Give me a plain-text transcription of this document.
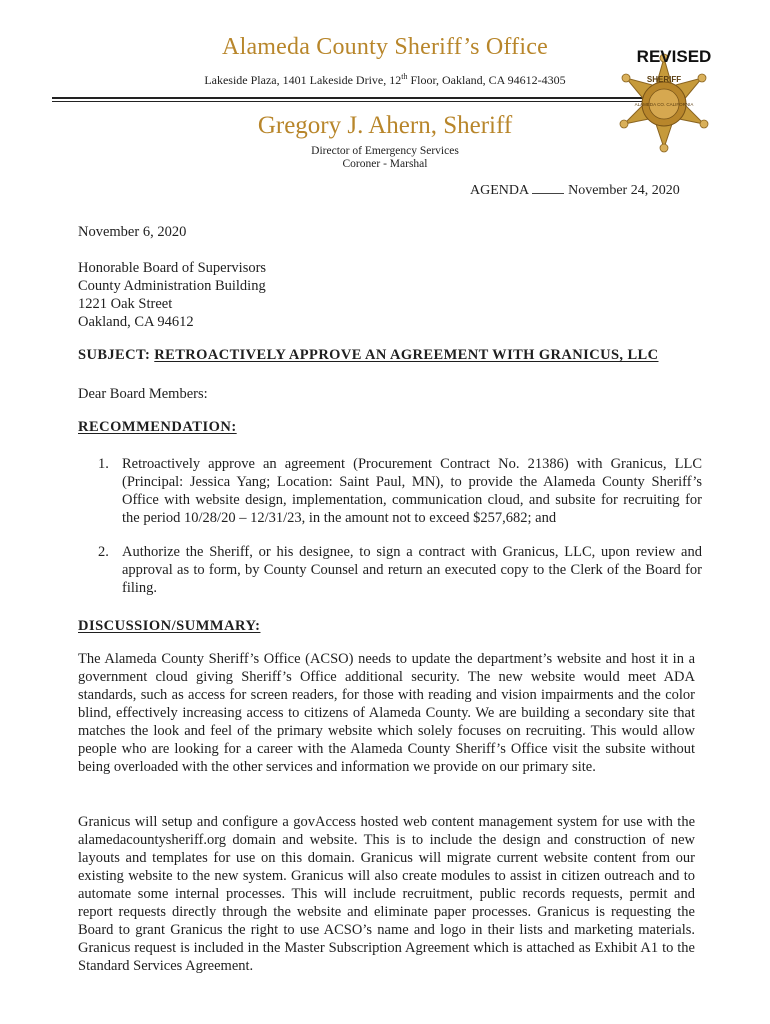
Alameda County Sheriff’s Office
Lakeside Plaza, 1401 Lakeside Drive, 12th Floor, Oakland, CA 94612-4305
Gregory J. Ahern, Sheriff
Director of Emergency Services
Coroner - Marshal
SHERIFF
ALAMEDA CO. CALIFORNIA
REVISED
AGENDA	November 24, 2020
November 6, 2020
Honorable Board of Supervisors
County Administration Building
1221 Oak Street
Oakland, CA 94612
SUBJECT: RETROACTIVELY APPROVE AN AGREEMENT WITH GRANICUS, LLC
Dear Board Members:
RECOMMENDATION:
1. Retroactively approve an agreement (Procurement Contract No. 21386) with Granicus, LLC (Principal: Jessica Yang; Location: Saint Paul, MN), to provide the Alameda County Sheriff’s Office with website design, implementation, communication cloud, and subsite for recruiting for the period 10/28/20 – 12/31/23, in the amount not to exceed $257,682; and
2. Authorize the Sheriff, or his designee, to sign a contract with Granicus, LLC, upon review and approval as to form, by County Counsel and return an executed copy to the Clerk of the Board for filing.
DISCUSSION/SUMMARY:
The Alameda County Sheriff’s Office (ACSO) needs to update the department’s website and host it in a government cloud giving Sheriff’s Office additional security. The new website would meet ADA standards, such as access for screen readers, for those with reading and vision impairments and the color blind, effectively increasing access to citizens of Alameda County. We are building a secondary site that matches the look and feel of the primary website which solely focuses on recruiting. This would allow people who are looking for a career with the Alameda County Sheriff’s Office visit the subsite without being overloaded with the other services and information we provide on our primary site.
Granicus will setup and configure a govAccess hosted web content management system for use with the alamedacountysheriff.org domain and website. This is to include the design and construction of new layouts and templates for use on this domain. Granicus will migrate current website content from our existing website to the new system. Granicus will also create modules to assist in citizen outreach and to automate some internal processes. This will include recruitment, public records requests, permit and report requests directly through the website and eliminate paper processes. Granicus is requesting the Board to grant Granicus the right to use ACSO’s name and logo in their lists and marketing materials. Granicus request is included in the Master Subscription Agreement which is attached as Exhibit A1 to the Standard Services Agreement.
